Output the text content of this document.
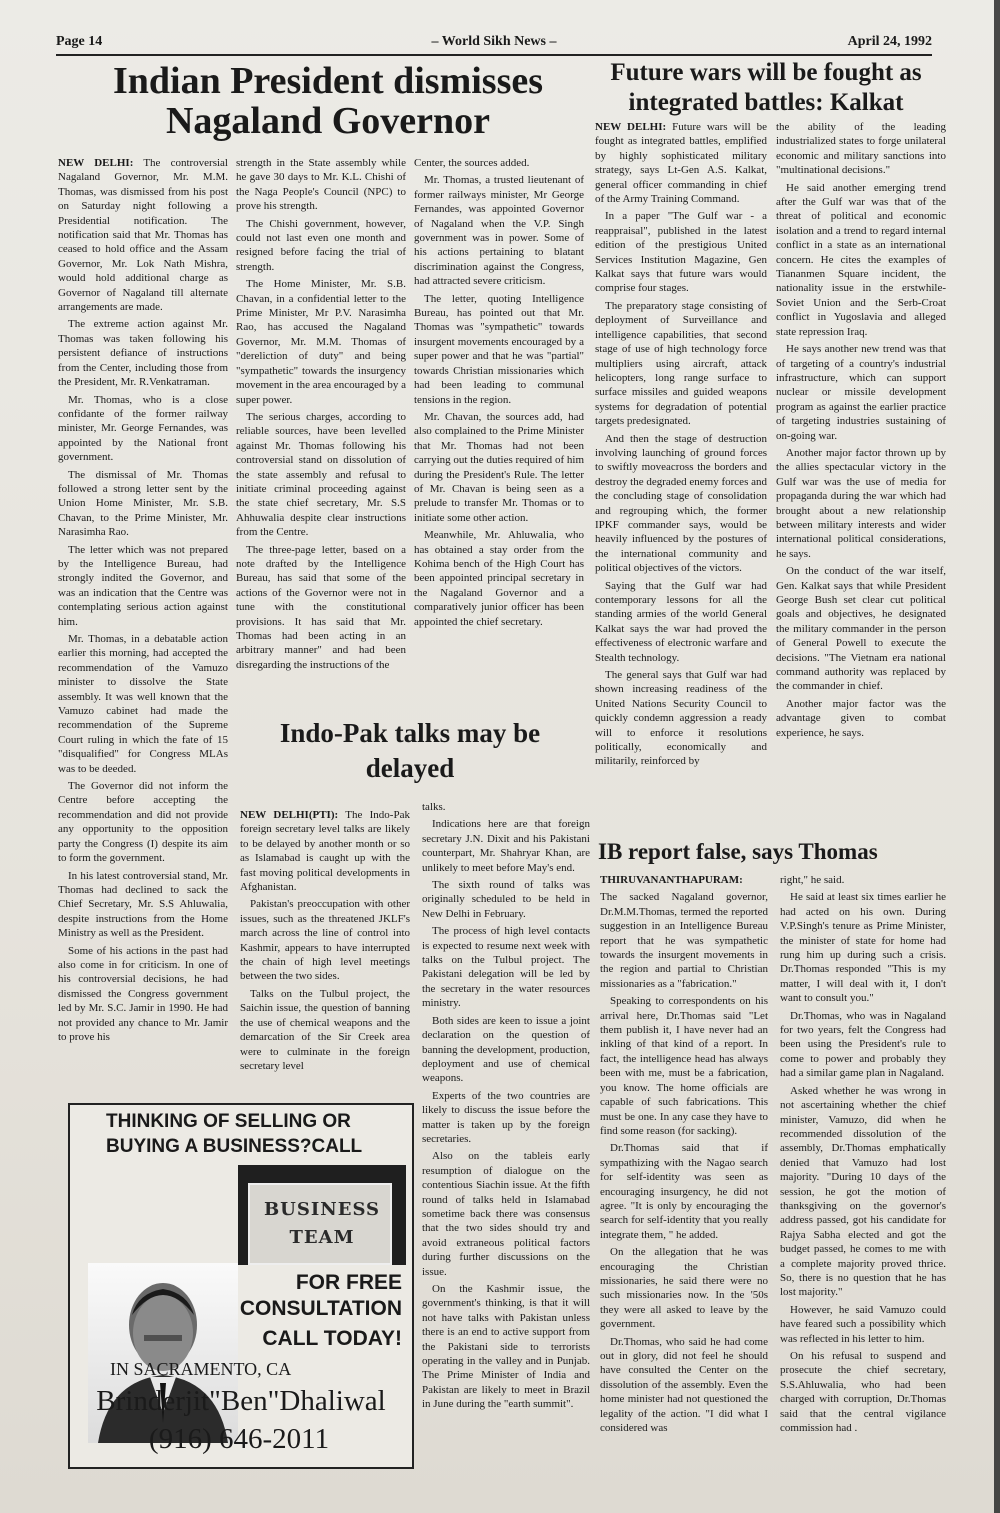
Page 14	– World Sikh News –	April 24, 1992
Indian President dismisses
Nagaland Governor

NEW DELHI: The controversial Nagaland Governor, Mr. M.M. Thomas, was dismissed from his post on Saturday night following a Presidential notification. The notification said that Mr. Thomas has ceased to hold office and the Assam Governor, Mr. Lok Nath Mishra, would hold additional charge as Governor of Nagaland till alternate arrangements are made.

The extreme action against Mr. Thomas was taken following his persistent defiance of instructions from the Center, including those from the President, Mr. R.Venkatraman.

Mr. Thomas, who is a close confidante of the former railway minister, Mr. George Fernandes, was appointed by the National front government.

The dismissal of Mr. Thomas followed a strong letter sent by the Union Home Minister, Mr. S.B. Chavan, to the Prime Minister, Mr. Narasimha Rao.

The letter which was not prepared by the Intelligence Bureau, had strongly indited the Governor, and was an indication that the Centre was contemplating serious action against him.

Mr. Thomas, in a debatable action earlier this morning, had accepted the recommendation of the Vamuzo minister to dissolve the State assembly. It was well known that the Vamuzo cabinet had made the recommendation of the Supreme Court ruling in which the fate of 15 "disqualified" for Congress MLAs was to be deeded.

The Governor did not inform the Centre before accepting the recommendation and did not provide any opportunity to the opposition party the Congress (I) despite its aim to form the government.

In his latest controversial stand, Mr. Thomas had declined to sack the Chief Secretary, Mr. S.S Ahluwalia, despite instructions from the Home Ministry as well as the President.

Some of his actions in the past had also come in for criticism. In one of his controversial decisions, he had dismissed the Congress government led by Mr. S.C. Jamir in 1990. He had not provided any chance to Mr. Jamir to prove his

strength in the State assembly while he gave 30 days to Mr. K.L. Chishi of the Naga People's Council (NPC) to prove his strength.

The Chishi government, however, could not last even one month and resigned before facing the trial of strength.

The Home Minister, Mr. S.B. Chavan, in a confidential letter to the Prime Minister, Mr P.V. Narasimha Rao, has accused the Nagaland Governor, Mr. M.M. Thomas of "dereliction of duty" and being "sympathetic" towards the insurgency movement in the area encouraged by a super power.

The serious charges, according to reliable sources, have been levelled against Mr. Thomas following his controversial stand on dissolution of the state assembly and refusal to initiate criminal proceeding against the state chief secretary, Mr. S.S Ahhuwalia despite clear instructions from the Centre.

The three-page letter, based on a note drafted by the Intelligence Bureau, has said that some of the actions of the Governor were not in tune with the constitutional provisions. It has said that Mr. Thomas had been acting in an arbitrary manner" and had been disregarding the instructions of the

Center, the sources added.

Mr. Thomas, a trusted lieutenant of former railways minister, Mr George Fernandes, was appointed Governor of Nagaland when the V.P. Singh government was in power. Some of his actions pertaining to blatant discrimination against the Congress, had attracted severe criticism.

The letter, quoting Intelligence Bureau, has pointed out that Mr. Thomas was "sympathetic" towards insurgent movements encouraged by a super power and that he was "partial" towards Christian missionaries which had been leading to communal tensions in the region.

Mr. Chavan, the sources add, had also complained to the Prime Minister that Mr. Thomas had not been carrying out the duties required of him during the President's Rule. The letter of Mr. Chavan is being seen as a prelude to transfer Mr. Thomas or to initiate some other action.

Meanwhile, Mr. Ahluwalia, who has obtained a stay order from the Kohima bench of the High Court has been appointed principal secretary in the Nagaland Governor and a comparatively junior officer has been appointed the chief secretary.

Future wars will be fought as
integrated battles: Kalkat

NEW DELHI: Future wars will be fought as integrated battles, emplified by highly sophisticated military strategy, says Lt-Gen A.S. Kalkat, general officer commanding in chief of the Army Training Command.

In a paper "The Gulf war - a reappraisal", published in the latest edition of the prestigious United Services Institution Magazine, Gen Kalkat says that future wars would comprise four stages.

The preparatory stage consisting of deployment of Surveillance and intelligence capabilities, that second stage of use of high technology force multipliers using aircraft, attack helicopters, long range surface to surface missiles and guided weapons systems for degradation of potential targets predesignated.

And then the stage of destruction involving launching of ground forces to swiftly moveacross the borders and destroy the degraded enemy forces and the concluding stage of consolidation and regrouping which, the former IPKF commander says, would be heavily influenced by the postures of the international community and political objectives of the victors.

Saying that the Gulf war had contemporary lessons for all the standing armies of the world General Kalkat says the war had proved the effectiveness of electronic warfare and Stealth technology.

The general says that Gulf war had shown increasing readiness of the United Nations Security Council to quickly condemn aggression a ready will to enforce it resolutions politically, economically and militarily, reinforced by

the ability of the leading industrialized states to forge unilateral economic and military sanctions into "multinational decisions."

He said another emerging trend after the Gulf war was that of the threat of political and economic isolation and a trend to regard internal conflict in a state as an international concern. He cites the examples of Tiananmen Square incident, the nationality issue in the erstwhile- Soviet Union and the Serb-Croat conflict in Yugoslavia and alleged state repression Iraq.

He says another new trend was that of targeting of a country's industrial infrastructure, which can support nuclear or missile development program as against the earlier practice of targeting industries sustaining of on-going war.

Another major factor thrown up by the allies spectacular victory in the Gulf war was the use of media for propaganda during the war which had brought about a new relationship between military interests and wider international political considerations, he says.

On the conduct of the war itself, Gen. Kalkat says that while President George Bush set clear cut political goals and objectives, he designated the military commander in the person of General Powell to execute the decisions. "The Vietnam era national command authority was replaced by the commander in chief.

Another major factor was the advantage given to combat experience, he says.

Indo-Pak talks may be
delayed

NEW DELHI(PTI): The Indo-Pak foreign secretary level talks are likely to be delayed by another month or so as Islamabad is caught up with the fast moving political developments in Afghanistan.

Pakistan's preoccupation with other issues, such as the threatened JKLF's march across the line of control into Kashmir, appears to have interrupted the chain of high level meetings between the two sides.

Talks on the Tulbul project, the Saichin issue, the question of banning the use of chemical weapons and the demarcation of the Sir Creek area were to culminate in the foreign secretary level

talks.

Indications here are that foreign secretary J.N. Dixit and his Pakistani counterpart, Mr. Shahryar Khan, are unlikely to meet before May's end.

The sixth round of talks was originally scheduled to be held in New Delhi in February.

The process of high level contacts is expected to resume next week with talks on the Tulbul project. The Pakistani delegation will be led by the secretary in the water resources ministry.

Both sides are keen to issue a joint declaration on the question of banning the development, production, deployment and use of chemical weapons.

Experts of the two countries are likely to discuss the issue before the matter is taken up by the foreign secretaries.

Also on the tableis early resumption of dialogue on the contentious Siachin issue. At the fifth round of talks held in Islamabad sometime back there was consensus that the two sides should try and avoid extraneous political factors during further discussions on the issue.

On the Kashmir issue, the government's thinking, is that it will not have talks with Pakistan unless there is an end to active support from the Pakistani side to terrorists operating in the valley and in Punjab. The Prime Minister of India and Pakistan are likely to meet in Brazil in June during the "earth summit".

IB report false, says Thomas

THIRUVANANTHAPURAM:

The sacked Nagaland governor, Dr.M.M.Thomas, termed the reported suggestion in an Intelligence Bureau report that he was sympathetic towards the insurgent movements in the region and partial to Christian missionaries as a "fabrication."

Speaking to correspondents on his arrival here, Dr.Thomas said "Let them publish it, I have never had an inkling of that kind of a report. In fact, the intelligence head has always been with me, must be a fabrication, you know. The home officials are capable of such fabrications. This must be one. In any case they have to find some reason (for sacking).

Dr.Thomas said that if sympathizing with the Nagao search for self-identity was seen as encouraging insurgency, he did not agree. "It is only by encouraging the search for self-identity that you really integrate them, " he added.

On the allegation that he was encouraging the Christian missionaries, he said there were no such missionaries now. In the '50s they were all asked to leave by the government.

Dr.Thomas, who said he had come out in glory, did not feel he should have consulted the Center on the dissolution of the assembly. Even the home minister had not questioned the legality of the action. "I did what I considered was

right," he said.

He said at least six times earlier he had acted on his own. During V.P.Singh's tenure as Prime Minister, the minister of state for home had rung him up during such a crisis. Dr.Thomas responded "This is my matter, I will deal with it, I don't want to consult you."

Dr.Thomas, who was in Nagaland for two years, felt the Congress had been using the President's rule to come to power and probably they had a similar game plan in Nagaland.

Asked whether he was wrong in not ascertaining whether the chief minister, Vamuzo, did when he recommended dissolution of the assembly, Dr.Thomas emphatically denied that Vamuzo had lost majority. "During 10 days of the session, he got the motion of thanksgiving on the governor's address passed, got his candidate for Rajya Sabha elected and got the budget passed, he comes to me with a complete majority proved thrice. So, there is no question that he has lost majority."

However, he said Vamuzo could have feared such a possibility which was reflected in his letter to him.

On his refusal to suspend and prosecute the chief secretary, S.S.Ahluwalia, who had been charged with corruption, Dr.Thomas said that the central vigilance commission had .

THINKING OF SELLING OR
BUYING A BUSINESS?CALL
BUSINESS
TEAM
FOR FREE
CONSULTATION
CALL TODAY!
IN SACRAMENTO, CA
Brinderjit"Ben"Dhaliwal
(916) 646-2011
